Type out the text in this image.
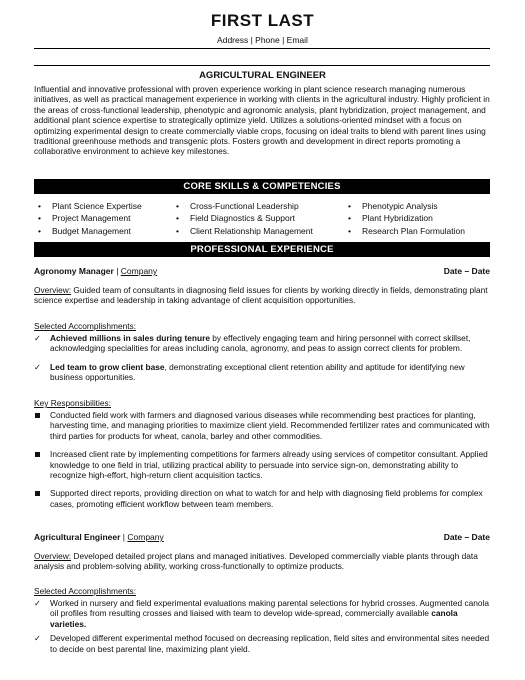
FIRST LAST
Address | Phone | Email
AGRICULTURAL ENGINEER
Influential and innovative professional with proven experience working in plant science research managing numerous initiatives, as well as practical management experience in working with clients in the agricultural industry. Highly proficient in the areas of cross-functional leadership, phenotypic and agronomic analysis, plant hybridization, project management, and additional plant science expertise to strategically optimize yield. Utilizes a solutions-oriented mindset with a focus on optimizing experimental design to create commercially viable crops, focusing on ideal traits to blend with parent lines using traditional greenhouse methods and transgenic plots. Fosters growth and development in direct reports promoting a collaborative environment to achieve key milestones.
CORE SKILLS & COMPETENCIES
• Plant Science Expertise
• Project Management
• Budget Management
• Cross-Functional Leadership
• Field Diagnostics & Support
• Client Relationship Management
• Phenotypic Analysis
• Plant Hybridization
• Research Plan Formulation
PROFESSIONAL EXPERIENCE
Agronomy Manager | Company	Date – Date
Overview: Guided team of consultants in diagnosing field issues for clients by working directly in fields, demonstrating plant science expertise and leadership in taking advantage of client acquisition opportunities.
Selected Accomplishments:
✓	Achieved millions in sales during tenure by effectively engaging team and hiring personnel with correct skillset, acknowledging specialities for areas including canola, agronomy, and peas to assign correct clients for problem.
✓	Led team to grow client base, demonstrating exceptional client retention ability and aptitude for identifying new business opportunities.
Key Responsibilities:
Conducted field work with farmers and diagnosed various diseases while recommending best practices for planting, harvesting time, and managing priorities to maximize client yield. Recommended fertilizer rates and communicated with third parties for products for wheat, canola, barley and other commodities.
Increased client rate by implementing competitions for farmers already using services of competitor consultant. Applied knowledge to one field in trial, utilizing practical ability to persuade into service sign-on, demonstrating ability to recognize high-effort, high-return client acquisition tactics.
Supported direct reports, providing direction on what to watch for and help with diagnosing field problems for complex cases, promoting efficient workflow between team members.
Agricultural Engineer | Company	Date – Date
Overview: Developed detailed project plans and managed initiatives. Developed commercially viable plants through data analysis and problem-solving ability, working cross-functionally to optimize products.
Selected Accomplishments:
✓	Worked in nursery and field experimental evaluations making parental selections for hybrid crosses. Augmented canola oil profiles from resulting crosses and liaised with team to develop wide-spread, commercially available canola varieties.
✓	Developed different experimental method focused on decreasing replication, field sites and environmental sites needed to decide on best parental line, maximizing plant yield.
